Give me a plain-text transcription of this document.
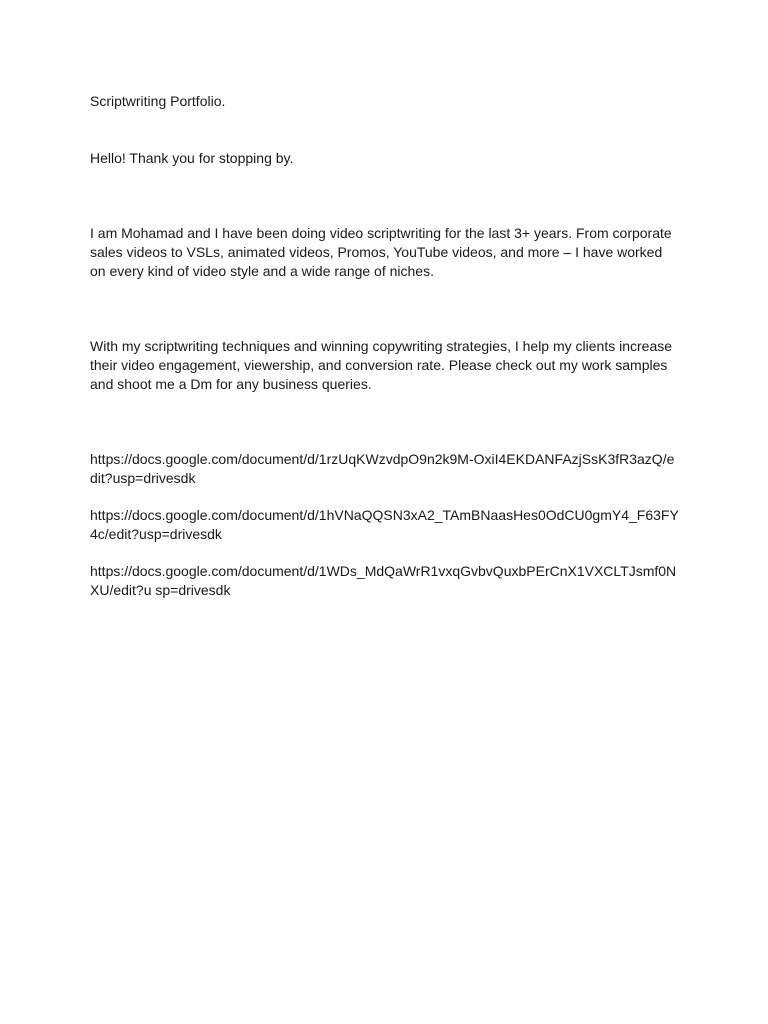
Scriptwriting Portfolio.

Hello! Thank you for stopping by.

I am Mohamad and I have been doing video scriptwriting for the last 3+ years. From corporate sales videos to VSLs, animated videos, Promos, YouTube videos, and more – I have worked on every kind of video style and a wide range of niches.

With my scriptwriting techniques and winning copywriting strategies, I help my clients increase their video engagement, viewership, and conversion rate. Please check out my work samples and shoot me a Dm for any business queries.

https://docs.google.com/document/d/1rzUqKWzvdpO9n2k9M-OxiI4EKDANFAzjSsK3fR3azQ/edit?usp=drivesdk

https://docs.google.com/document/d/1hVNaQQSN3xA2_TAmBNaasHes0OdCU0gmY4_F63FY4c/edit?usp=drivesdk

https://docs.google.com/document/d/1WDs_MdQaWrR1vxqGvbvQuxbPErCnX1VXCLTJsmf0NXU/edit?u sp=drivesdk
